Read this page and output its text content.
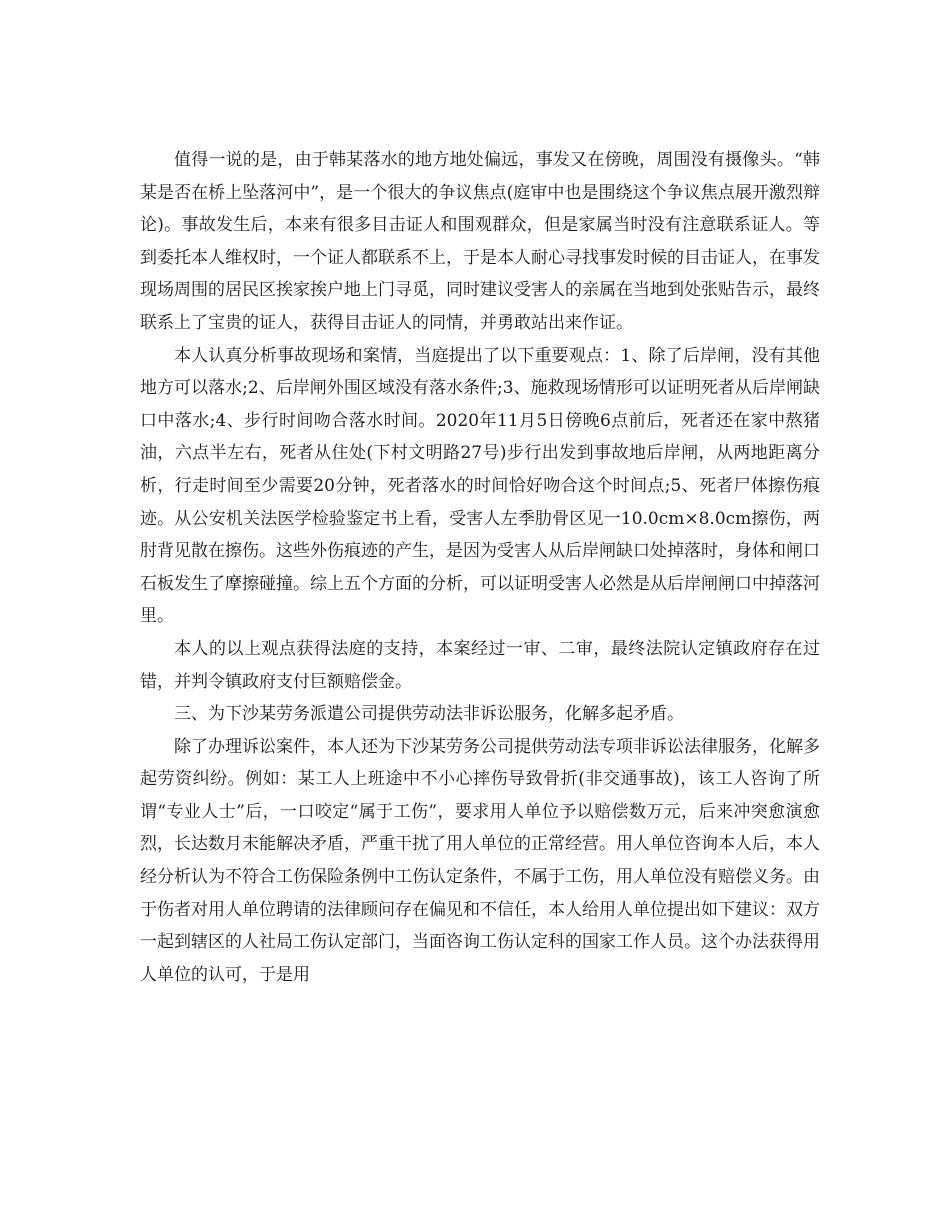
值得一说的是，由于韩某落水的地方地处偏远，事发又在傍晚，周围没有摄像头。“韩某是否在桥上坠落河中”，是一个很大的争议焦点(庭审中也是围绕这个争议焦点展开激烈辩论)。事故发生后，本来有很多目击证人和围观群众，但是家属当时没有注意联系证人。等到委托本人维权时，一个证人都联系不上，于是本人耐心寻找事发时候的目击证人，在事发现场周围的居民区挨家挨户地上门寻觅，同时建议受害人的亲属在当地到处张贴告示，最终联系上了宝贵的证人，获得目击证人的同情，并勇敢站出来作证。

本人认真分析事故现场和案情，当庭提出了以下重要观点：1、除了后岸闸，没有其他地方可以落水;2、后岸闸外围区域没有落水条件;3、施救现场情形可以证明死者从后岸闸缺口中落水;4、步行时间吻合落水时间。2020年11月5日傍晚6点前后，死者还在家中熬猪油，六点半左右，死者从住处(下村文明路27号)步行出发到事故地后岸闸，从两地距离分析，行走时间至少需要20分钟，死者落水的时间恰好吻合这个时间点;5、死者尸体擦伤痕迹。从公安机关法医学检验鉴定书上看，受害人左季肋骨区见一10.0cm×8.0cm擦伤，两肘背见散在擦伤。这些外伤痕迹的产生，是因为受害人从后岸闸缺口处掉落时，身体和闸口石板发生了摩擦碰撞。综上五个方面的分析，可以证明受害人必然是从后岸闸闸口中掉落河里。

本人的以上观点获得法庭的支持，本案经过一审、二审，最终法院认定镇政府存在过错，并判令镇政府支付巨额赔偿金。

三、为下沙某劳务派遣公司提供劳动法非诉讼服务，化解多起矛盾。

除了办理诉讼案件，本人还为下沙某劳务公司提供劳动法专项非诉讼法律服务，化解多起劳资纠纷。例如：某工人上班途中不小心摔伤导致骨折(非交通事故)，该工人咨询了所谓“专业人士”后，一口咬定“属于工伤”，要求用人单位予以赔偿数万元，后来冲突愈演愈烈，长达数月未能解决矛盾，严重干扰了用人单位的正常经营。用人单位咨询本人后，本人经分析认为不符合工伤保险条例中工伤认定条件，不属于工伤，用人单位没有赔偿义务。由于伤者对用人单位聘请的法律顾问存在偏见和不信任，本人给用人单位提出如下建议：双方一起到辖区的人社局工伤认定部门，当面咨询工伤认定科的国家工作人员。这个办法获得用人单位的认可，于是用
